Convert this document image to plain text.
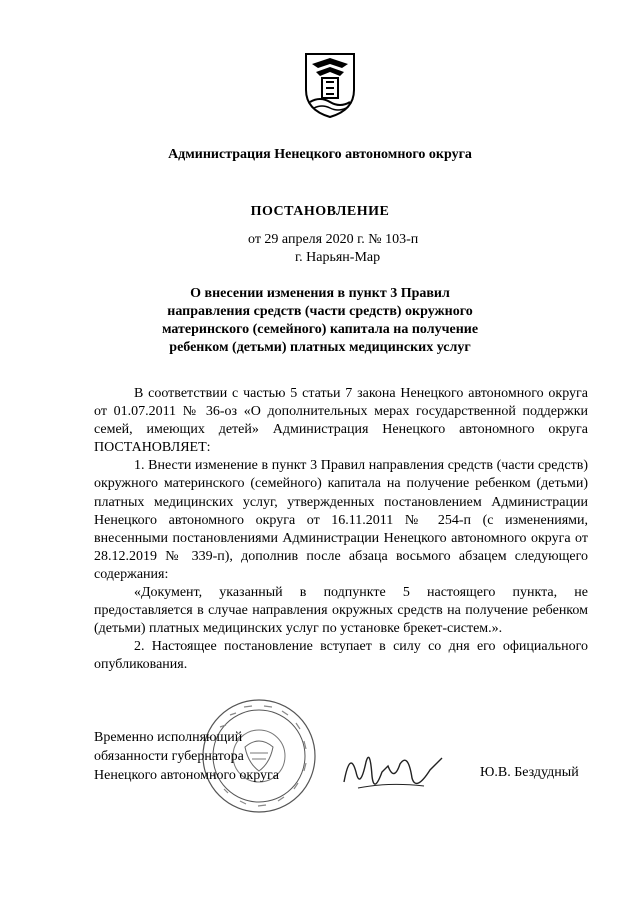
Администрация Ненецкого автономного округа
ПОСТАНОВЛЕНИЕ
от 29 апреля 2020 г. № 103-п
г. Нарьян-Мар
О внесении изменения в пункт 3 Правил
направления средств (части средств) окружного
материнского (семейного) капитала на получение
ребенком (детьми) платных медицинских услуг

В соответствии с частью 5 статьи 7 закона Ненецкого автономного округа от 01.07.2011 № 36-оз «О дополнительных мерах государственной поддержки семей, имеющих детей» Администрация Ненецкого автономного округа ПОСТАНОВЛЯЕТ:

1. Внести изменение в пункт 3 Правил направления средств (части средств) окружного материнского (семейного) капитала на получение ребенком (детьми) платных медицинских услуг, утвержденных постановлением Администрации Ненецкого автономного округа от 16.11.2011 № 254-п (с изменениями, внесенными постановлениями Администрации Ненецкого автономного округа от 28.12.2019 № 339-п), дополнив после абзаца восьмого абзацем следующего содержания:

«Документ, указанный в подпункте 5 настоящего пункта, не предоставляется в случае направления окружных средств на получение ребенком (детьми) платных медицинских услуг по установке брекет-систем.».

2. Настоящее постановление вступает в силу со дня его официального опубликования.

Временно исполняющий
обязанности губернатора
Ненецкого автономного округа	Ю.В. Бездудный
